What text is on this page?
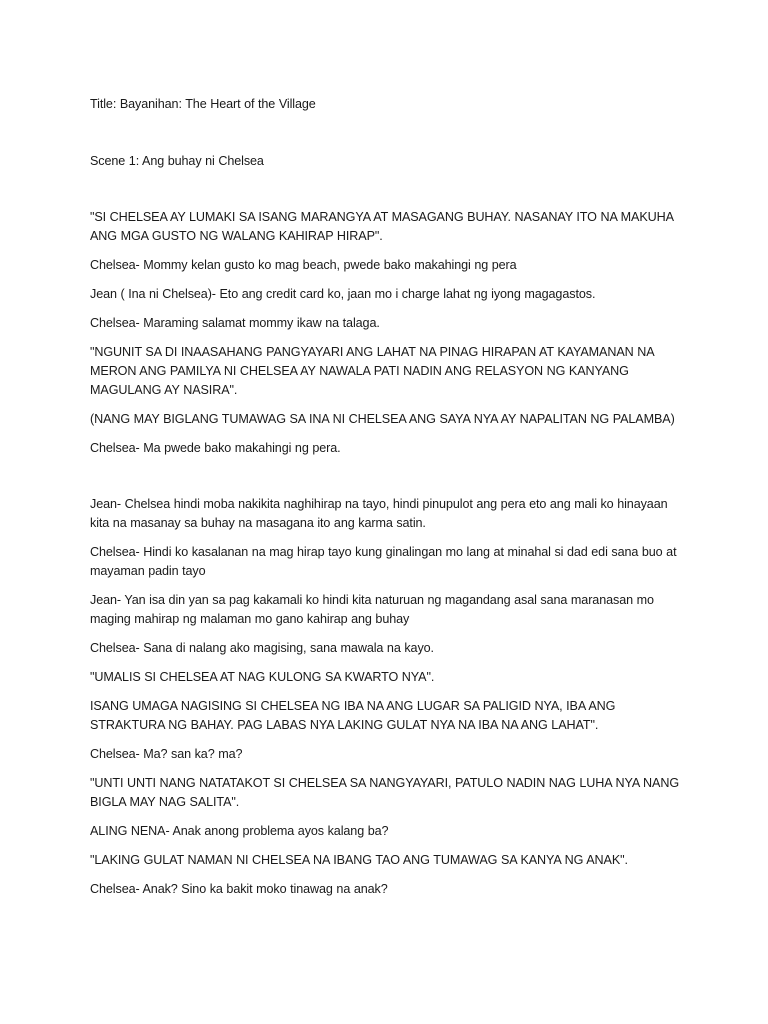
Title: Bayanihan: The Heart of the Village

Scene 1: Ang buhay ni Chelsea

"SI CHELSEA AY LUMAKI SA ISANG MARANGYA AT MASAGANG BUHAY. NASANAY ITO NA MAKUHA ANG MGA GUSTO NG WALANG KAHIRAP HIRAP".

Chelsea- Mommy kelan gusto ko mag beach, pwede bako makahingi ng pera

Jean ( Ina ni Chelsea)- Eto ang credit card ko, jaan mo i charge lahat ng iyong magagastos.

Chelsea- Maraming salamat mommy ikaw na talaga.

"NGUNIT SA DI INAASAHANG PANGYAYARI ANG LAHAT NA PINAG HIRAPAN AT KAYAMANAN NA MERON ANG PAMILYA NI CHELSEA AY NAWALA PATI NADIN ANG RELASYON NG KANYANG MAGULANG AY NASIRA".

(NANG MAY BIGLANG TUMAWAG SA INA NI CHELSEA ANG SAYA NYA AY NAPALITAN NG PALAMBA)

Chelsea- Ma pwede bako makahingi ng pera.

Jean- Chelsea hindi moba nakikita naghihirap na tayo, hindi pinupulot ang pera eto ang mali ko hinayaan kita na masanay sa buhay na masagana ito ang karma satin.

Chelsea- Hindi ko kasalanan na mag hirap tayo kung ginalingan mo lang at minahal si dad edi sana buo at mayaman padin tayo

Jean- Yan isa din yan sa pag kakamali ko hindi kita naturuan ng magandang asal sana maranasan mo maging mahirap ng malaman mo gano kahirap ang buhay

Chelsea- Sana di nalang ako magising, sana mawala na kayo.

"UMALIS SI CHELSEA AT NAG KULONG SA KWARTO NYA".

ISANG UMAGA NAGISING SI CHELSEA NG IBA NA ANG LUGAR SA PALIGID NYA, IBA ANG STRAKTURA NG BAHAY. PAG LABAS NYA LAKING GULAT NYA NA IBA NA ANG LAHAT".

Chelsea- Ma? san ka? ma?

"UNTI UNTI NANG NATATAKOT SI CHELSEA SA NANGYAYARI, PATULO NADIN NAG LUHA NYA NANG BIGLA MAY NAG SALITA".

ALING NENA- Anak anong problema ayos kalang ba?

"LAKING GULAT NAMAN NI CHELSEA NA IBANG TAO ANG TUMAWAG SA KANYA NG ANAK".

Chelsea- Anak? Sino ka bakit moko tinawag na anak?
